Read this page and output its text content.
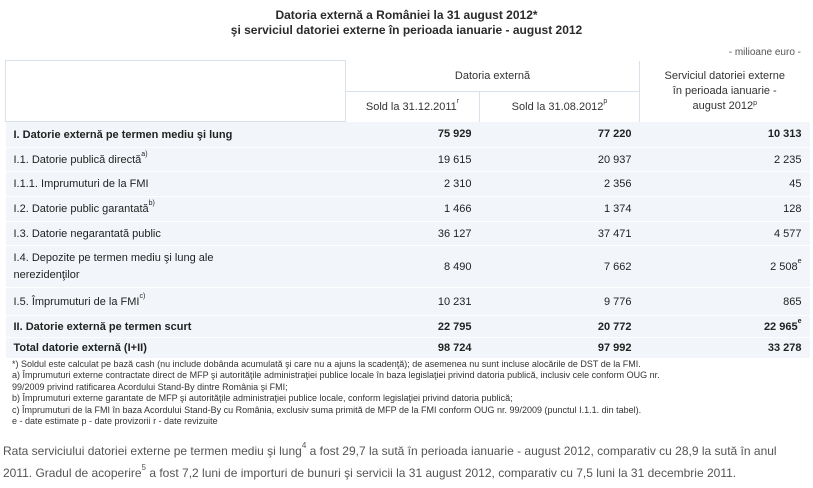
Datoria externă a României la 31 august 2012*
şi serviciul datoriei externe în perioada ianuarie - august 2012
- milioane euro -
	Datoria externă		Serviciul datoriei externe
în perioada ianuarie -
august 2012$^p$
	Sold la 31.12.2011$^r$	Sold la 31.08.2012$^p$
I. Datorie externă pe termen mediu şi lung	75 929	77 220	10 313
I.1. Datorie publică directă$^{a)}$	19 615	20 937	2 235
I.1.1. Imprumuturi de la FMI	2 310	2 356	45
I.2. Datorie public garantată$^{b)}$	1 466	1 374	128
I.3. Datorie negarantată public	36 127	37 471	4 577
I.4. Depozite pe termen mediu şi lung ale
nerezidenţilor	8 490	7 662	2 508e
I.5. Împrumuturi de la FMI$^{c)}$	10 231	9 776	865
II. Datorie externă pe termen scurt	22 795	20 772	22 965e
Total datorie externă (I+II)	98 724	97 992	33 278
*) Soldul este calculat pe bază cash (nu include dobânda acumulată şi care nu a ajuns la scadenţă); de asemenea nu sunt incluse alocările de DST de la FMI.
a) Împrumuturi externe contractate direct de MFP şi autorităţile administraţiei publice locale în baza legislaţiei privind datoria publică, inclusiv cele conform OUG nr.
99/2009 privind ratificarea Acordului Stand-By dintre România şi FMI;
b) Împrumuturi externe garantate de MFP şi autorităţile administraţiei publice locale, conform legislaţiei privind datoria publică;
c) Împrumuturi de la FMI în baza Acordului Stand-By cu România, exclusiv suma primită de MFP de la FMI conform OUG nr. 99/2009 (punctul I.1.1. din tabel).
e - date estimate p - date provizorii r - date revizuite
Rata serviciului datoriei externe pe termen mediu şi lung$^4$ a fost 29,7 la sută în perioada ianuarie - august 2012, comparativ cu 28,9 la sută în anul 2011. Gradul de acoperire$^5$ a fost 7,2 luni de importuri de bunuri şi servicii la 31 august 2012, comparativ cu 7,5 luni la 31 decembrie 2011.
